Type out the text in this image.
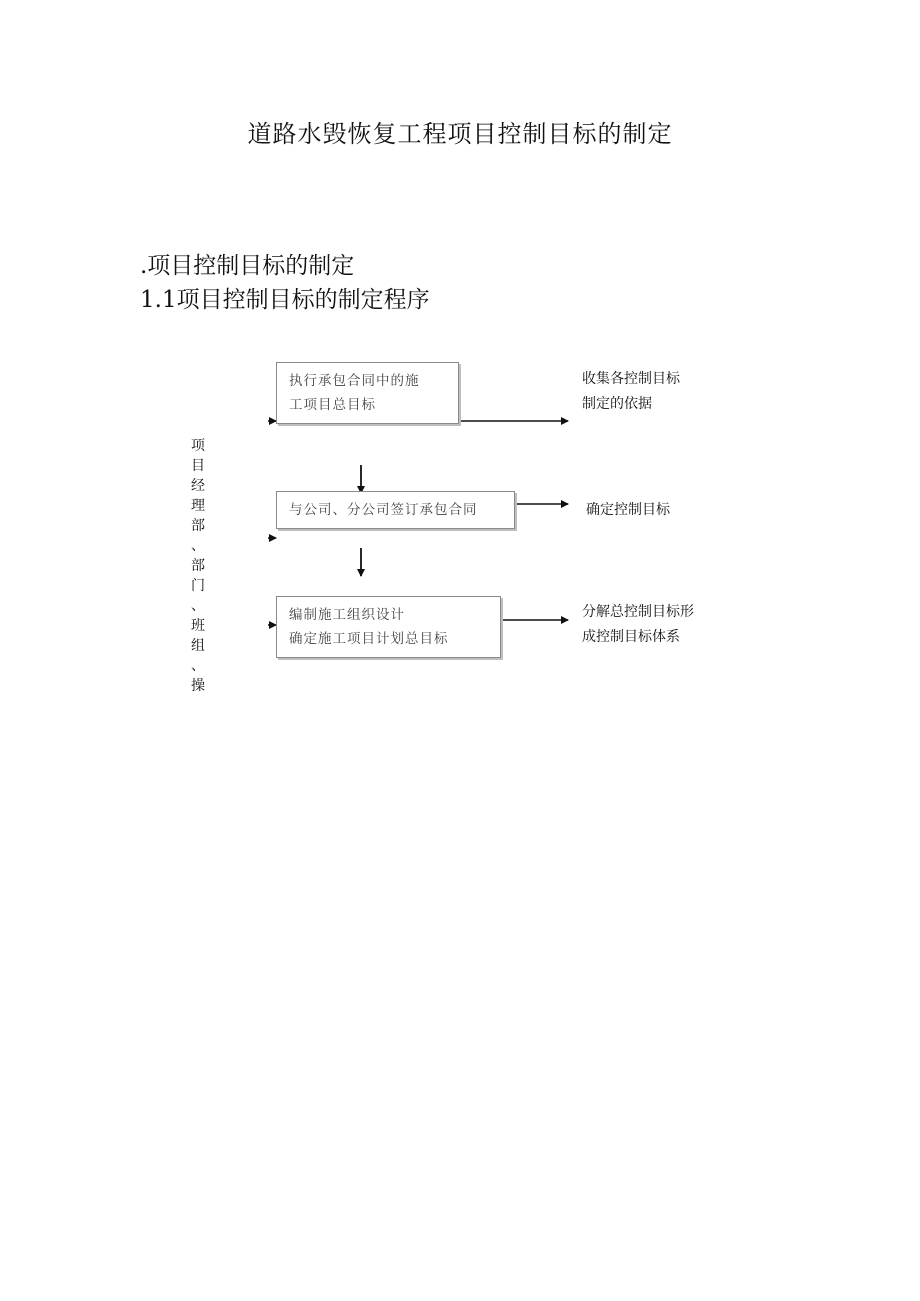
道路水毁恢复工程项目控制目标的制定
.项目控制目标的制定
1.1项目控制目标的制定程序
项
目
经
理
部
、
部
门
、
班
组
、
操
执行承包合同中的施
工项目总目标
与公司、分公司签订承包合同
编制施工组织设计
确定施工项目计划总目标
收集各控制目标
制定的依据
确定控制目标
分解总控制目标形
成控制目标体系
